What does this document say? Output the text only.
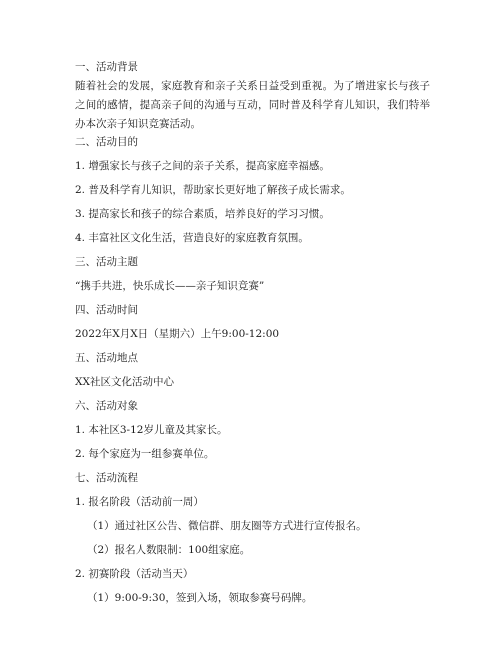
一、活动背景
随着社会的发展，家庭教育和亲子关系日益受到重视。为了增进家长与孩子之间的感情，提高亲子间的沟通与互动，同时普及科学育儿知识，我们特举办本次亲子知识竞赛活动。
二、活动目的
1. 增强家长与孩子之间的亲子关系，提高家庭幸福感。
2. 普及科学育儿知识，帮助家长更好地了解孩子成长需求。
3. 提高家长和孩子的综合素质，培养良好的学习习惯。
4. 丰富社区文化生活，营造良好的家庭教育氛围。
三、活动主题
“携手共进，快乐成长——亲子知识竞赛”
四、活动时间
2022年X月X日（星期六）上午9:00-12:00
五、活动地点
XX社区文化活动中心
六、活动对象
1. 本社区3-12岁儿童及其家长。
2. 每个家庭为一组参赛单位。
七、活动流程
1. 报名阶段（活动前一周）
（1）通过社区公告、微信群、朋友圈等方式进行宣传报名。
（2）报名人数限制：100组家庭。
2. 初赛阶段（活动当天）
（1）9:00-9:30，签到入场，领取参赛号码牌。
